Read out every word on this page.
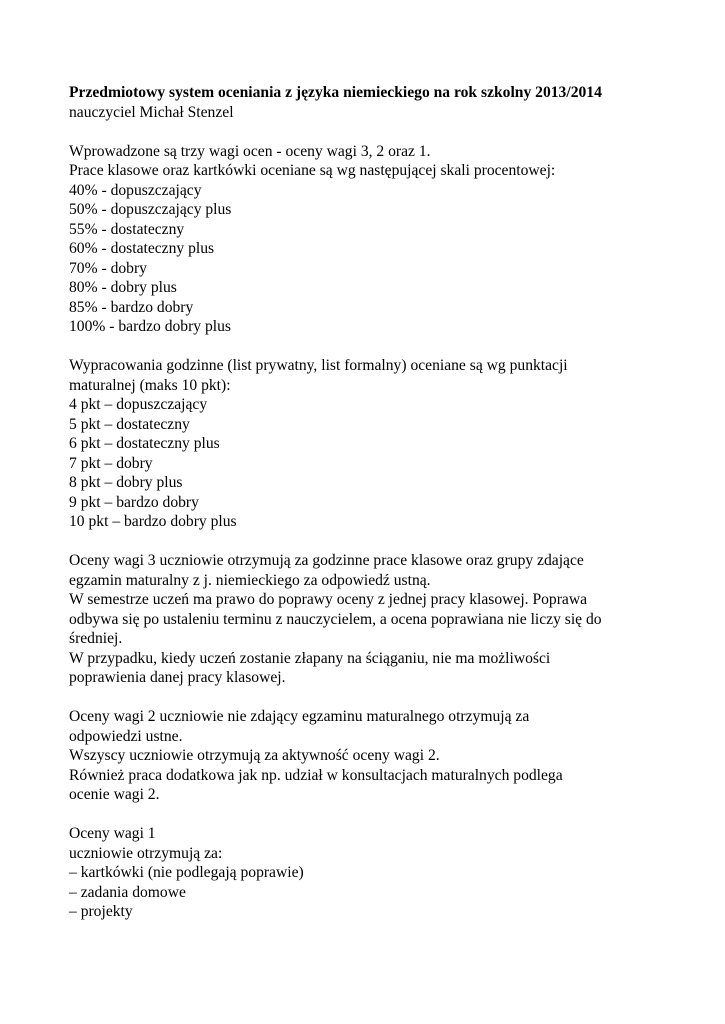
Przedmiotowy system oceniania z języka niemieckiego na rok szkolny 2013/2014

nauczyciel Michał Stenzel

Wprowadzone są trzy wagi ocen - oceny wagi 3, 2 oraz 1.

Prace klasowe oraz kartkówki oceniane są wg następującej skali procentowej:

40% - dopuszczający

50% - dopuszczający plus

55% - dostateczny

60% - dostateczny plus

70% - dobry

80% - dobry plus

85% - bardzo dobry

100% - bardzo dobry plus

Wypracowania godzinne (list prywatny, list formalny) oceniane są wg punktacji

maturalnej (maks 10 pkt):

4 pkt – dopuszczający

5 pkt – dostateczny

6 pkt – dostateczny plus

7 pkt – dobry

8 pkt – dobry plus

9 pkt – bardzo dobry

10 pkt – bardzo dobry plus

Oceny wagi 3 uczniowie otrzymują za godzinne prace klasowe oraz grupy zdające

egzamin maturalny z j. niemieckiego za odpowiedź ustną.

W semestrze uczeń ma prawo do poprawy oceny z jednej pracy klasowej. Poprawa

odbywa się po ustaleniu terminu z nauczycielem, a ocena poprawiana nie liczy się do

średniej.

W przypadku, kiedy uczeń zostanie złapany na ściąganiu, nie ma możliwości

poprawienia danej pracy klasowej.

Oceny wagi 2 uczniowie nie zdający egzaminu maturalnego otrzymują za

odpowiedzi ustne.

Wszyscy uczniowie otrzymują za aktywność oceny wagi 2.

Również praca dodatkowa jak np. udział w konsultacjach maturalnych podlega

ocenie wagi 2.

Oceny wagi 1

uczniowie otrzymują za:

– kartkówki (nie podlegają poprawie)

– zadania domowe

– projekty
